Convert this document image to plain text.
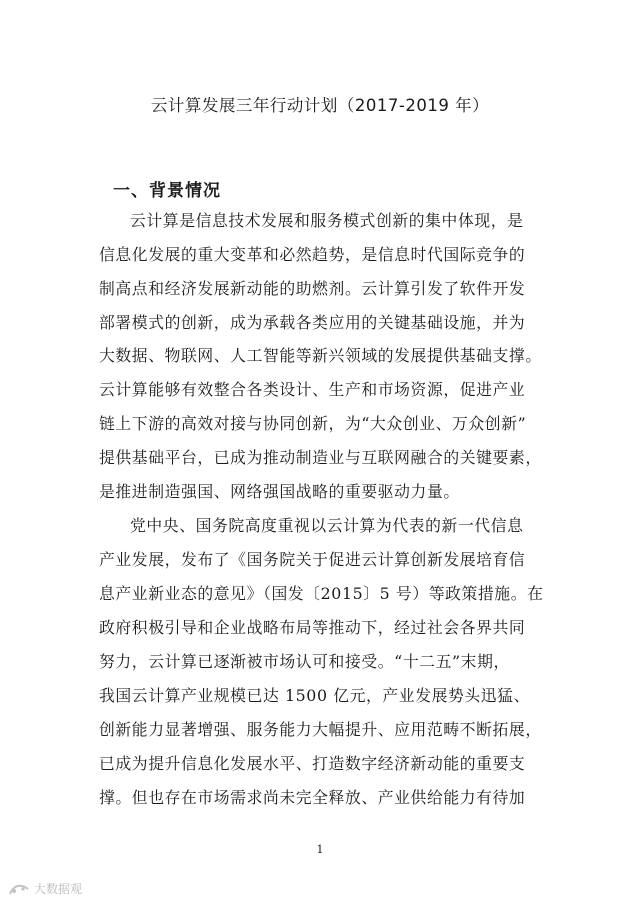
云计算发展三年行动计划（2017-2019 年）
一、背景情况
云计算是信息技术发展和服务模式创新的集中体现，是
信息化发展的重大变革和必然趋势，是信息时代国际竞争的
制高点和经济发展新动能的助燃剂。云计算引发了软件开发
部署模式的创新，成为承载各类应用的关键基础设施，并为
大数据、物联网、人工智能等新兴领域的发展提供基础支撑。
云计算能够有效整合各类设计、生产和市场资源，促进产业
链上下游的高效对接与协同创新，为“大众创业、万众创新”
提供基础平台，已成为推动制造业与互联网融合的关键要素，
是推进制造强国、网络强国战略的重要驱动力量。
党中央、国务院高度重视以云计算为代表的新一代信息
产业发展，发布了《国务院关于促进云计算创新发展培育信
息产业新业态的意见》（国发〔2015〕5 号）等政策措施。在
政府积极引导和企业战略布局等推动下，经过社会各界共同
努力，云计算已逐渐被市场认可和接受。“十二五”末期，
我国云计算产业规模已达 1500 亿元，产业发展势头迅猛、
创新能力显著增强、服务能力大幅提升、应用范畴不断拓展，
已成为提升信息化发展水平、打造数字经济新动能的重要支
撑。但也存在市场需求尚未完全释放、产业供给能力有待加
1
大数据观
